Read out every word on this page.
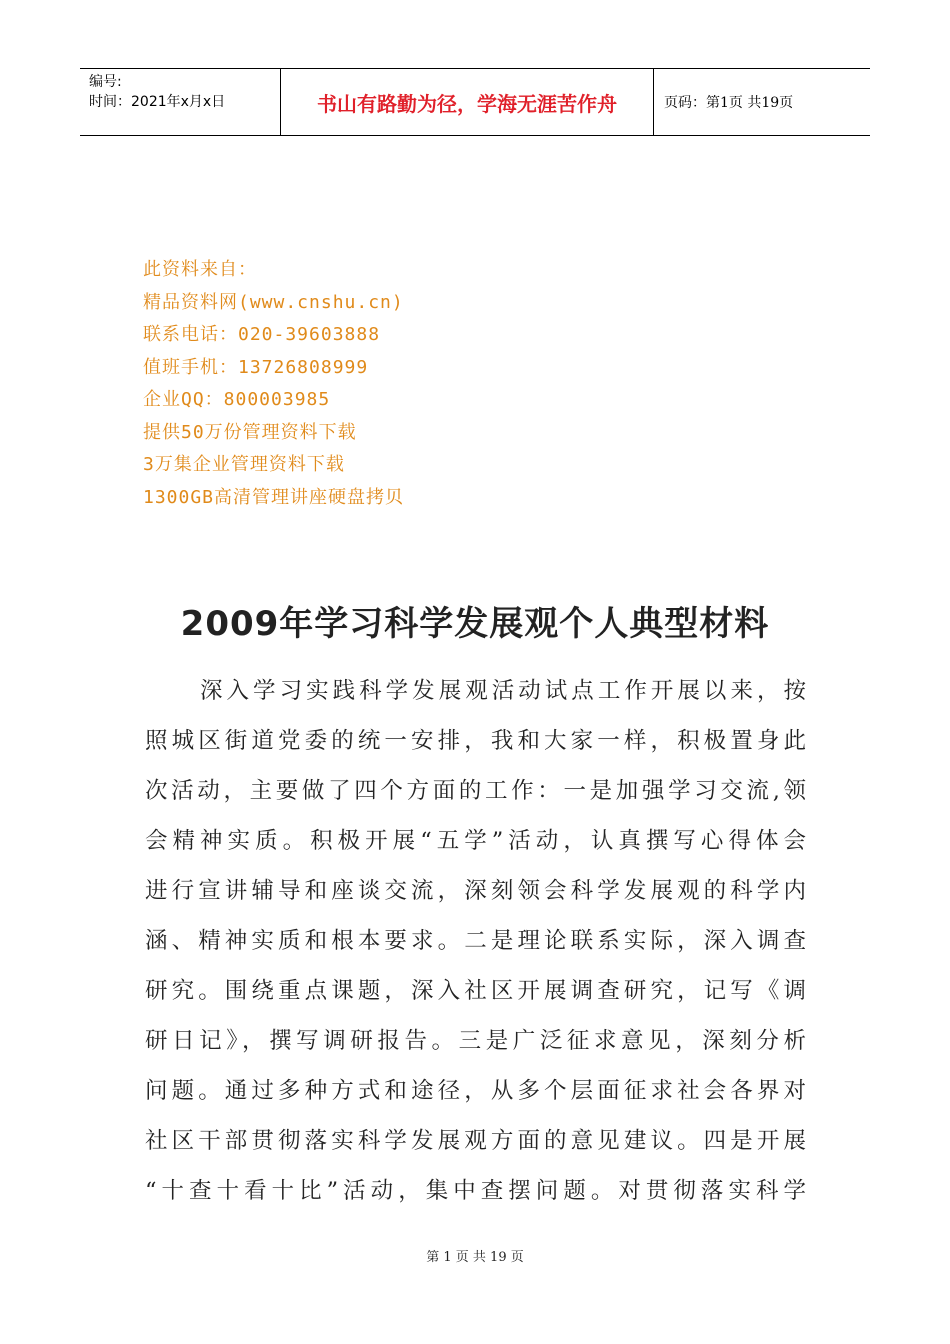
编号:
时间：2021年x月x日	书山有路勤为径，学海无涯苦作舟	页码：第1页 共19页
此资料来自：
精品资料网(www.cnshu.cn)
联系电话：020-39603888
值班手机：13726808999
企业QQ：800003985
提供50万份管理资料下载
3万集企业管理资料下载
1300GB高清管理讲座硬盘拷贝
2009年学习科学发展观个人典型材料
深入学习实践科学发展观活动试点工作开展以来，按
照城区街道党委的统一安排，我和大家一样，积极置身此
次活动，主要做了四个方面的工作：一是加强学习交流,领
会精神实质。积极开展“五学”活动，认真撰写心得体会
进行宣讲辅导和座谈交流，深刻领会科学发展观的科学内
涵、精神实质和根本要求。二是理论联系实际，深入调查
研究。围绕重点课题，深入社区开展调查研究，记写《调
研日记》，撰写调研报告。三是广泛征求意见，深刻分析
问题。通过多种方式和途径，从多个层面征求社会各界对
社区干部贯彻落实科学发展观方面的意见建议。四是开展
“十查十看十比”活动，集中查摆问题。对贯彻落实科学
第 1 页 共 19 页
